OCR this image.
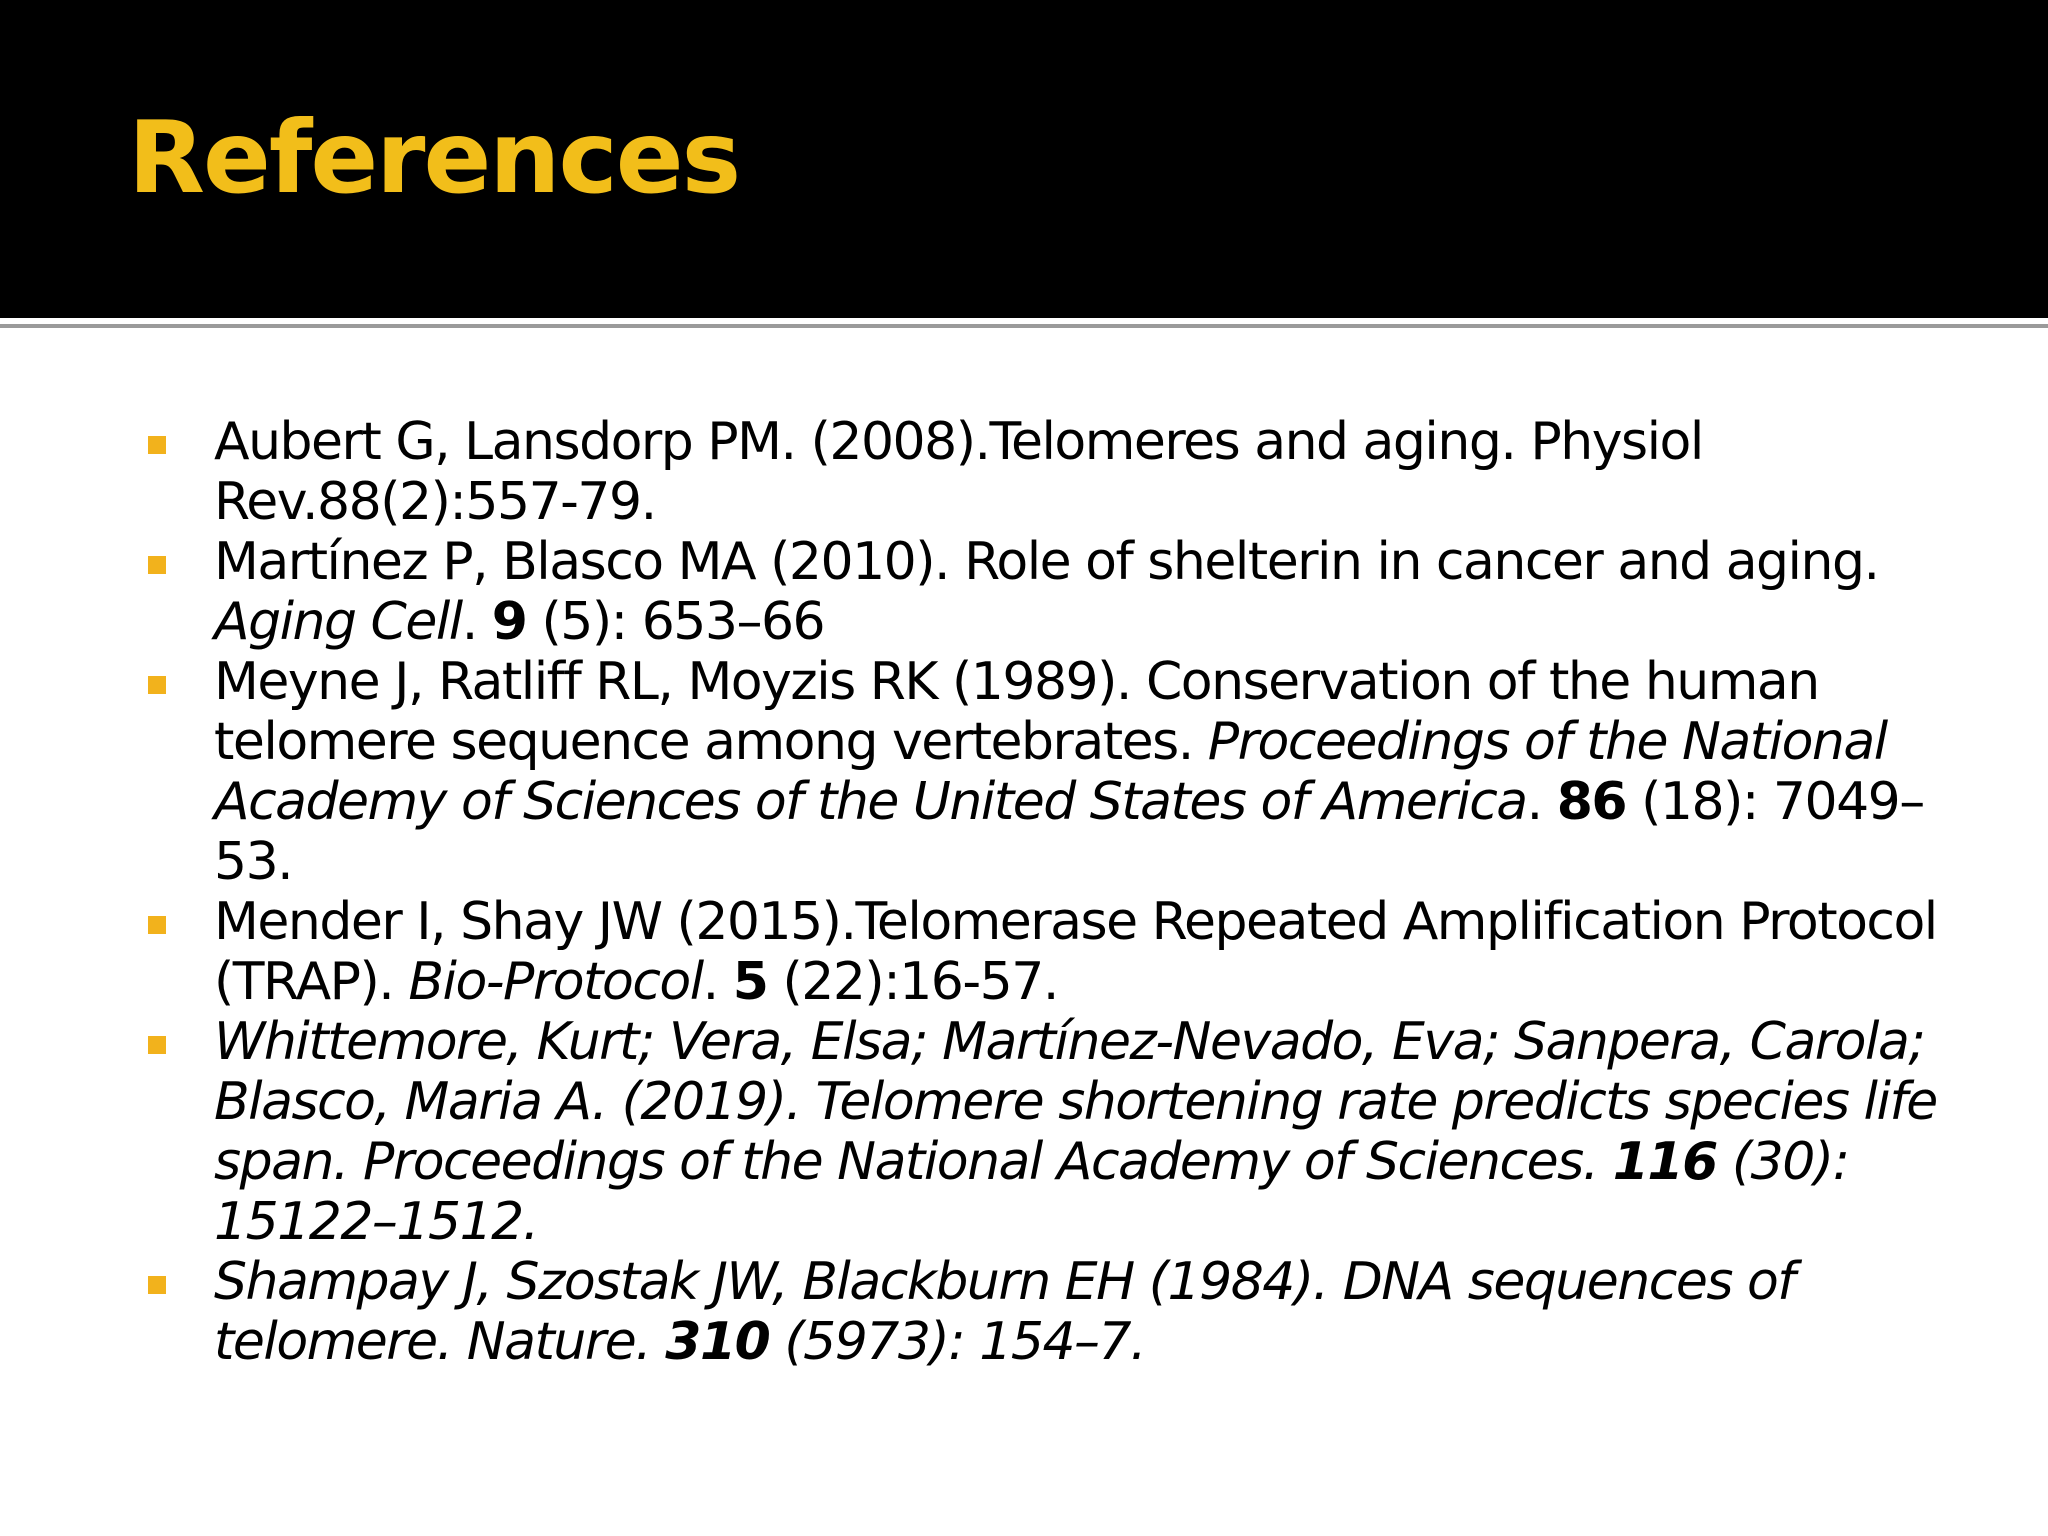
References
Aubert G, Lansdorp PM. (2008).Telomeres and aging. Physiol Rev.88(2):557-79.
Martínez P, Blasco MA (2010). Role of shelterin in cancer and aging. Aging Cell. 9 (5): 653–66
Meyne J, Ratliff RL, Moyzis RK (1989). Conservation of the human telomere sequence among vertebrates. Proceedings of the National Academy of Sciences of the United States of America. 86 (18): 7049–53.
Mender I, Shay JW (2015).Telomerase Repeated Amplification Protocol (TRAP). Bio-Protocol. 5 (22):16-57.
Whittemore, Kurt; Vera, Elsa; Martínez-Nevado, Eva; Sanpera, Carola; Blasco, Maria A. (2019). Telomere shortening rate predicts species life span. Proceedings of the National Academy of Sciences. 116 (30): 15122–1512.
Shampay J, Szostak JW, Blackburn EH (1984). DNA sequences of telomere. Nature. 310 (5973): 154–7.
